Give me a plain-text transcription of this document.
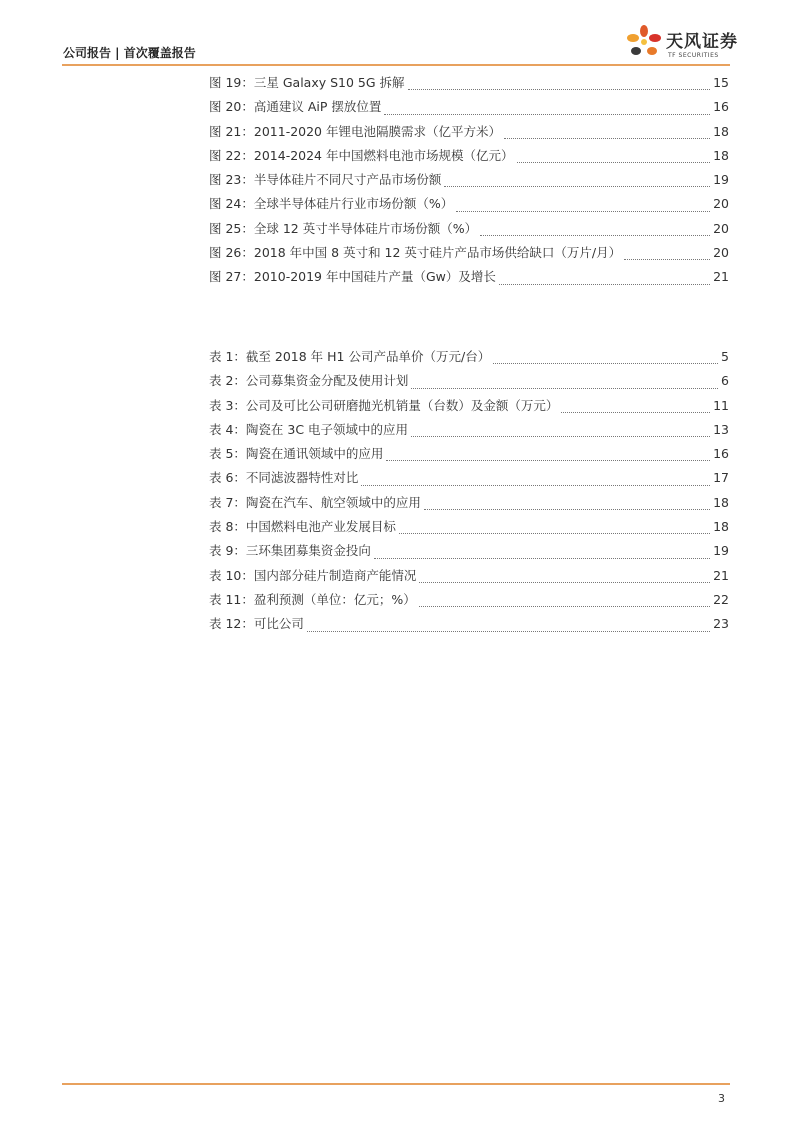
公司报告 | 首次覆盖报告
天风证券
TF SECURITIES
图 19：三星 Galaxy S10 5G 拆解	15
图 20：高通建议 AiP 摆放位置	16
图 21：2011-2020 年锂电池隔膜需求（亿平方米）	18
图 22：2014-2024 年中国燃料电池市场规模（亿元）	18
图 23：半导体硅片不同尺寸产品市场份额	19
图 24：全球半导体硅片行业市场份额（%）	20
图 25：全球 12 英寸半导体硅片市场份额（%）	20
图 26：2018 年中国 8 英寸和 12 英寸硅片产品市场供给缺口（万片/月）	20
图 27：2010-2019 年中国硅片产量（Gw）及增长	21
表 1：截至 2018 年 H1 公司产品单价（万元/台）	5
表 2：公司募集资金分配及使用计划	6
表 3：公司及可比公司研磨抛光机销量（台数）及金额（万元）	11
表 4：陶瓷在 3C 电子领域中的应用	13
表 5：陶瓷在通讯领域中的应用	16
表 6：不同滤波器特性对比	17
表 7：陶瓷在汽车、航空领域中的应用	18
表 8：中国燃料电池产业发展目标	18
表 9：三环集团募集资金投向	19
表 10：国内部分硅片制造商产能情况	21
表 11：盈利预测（单位：亿元；%）	22
表 12：可比公司	23
3
